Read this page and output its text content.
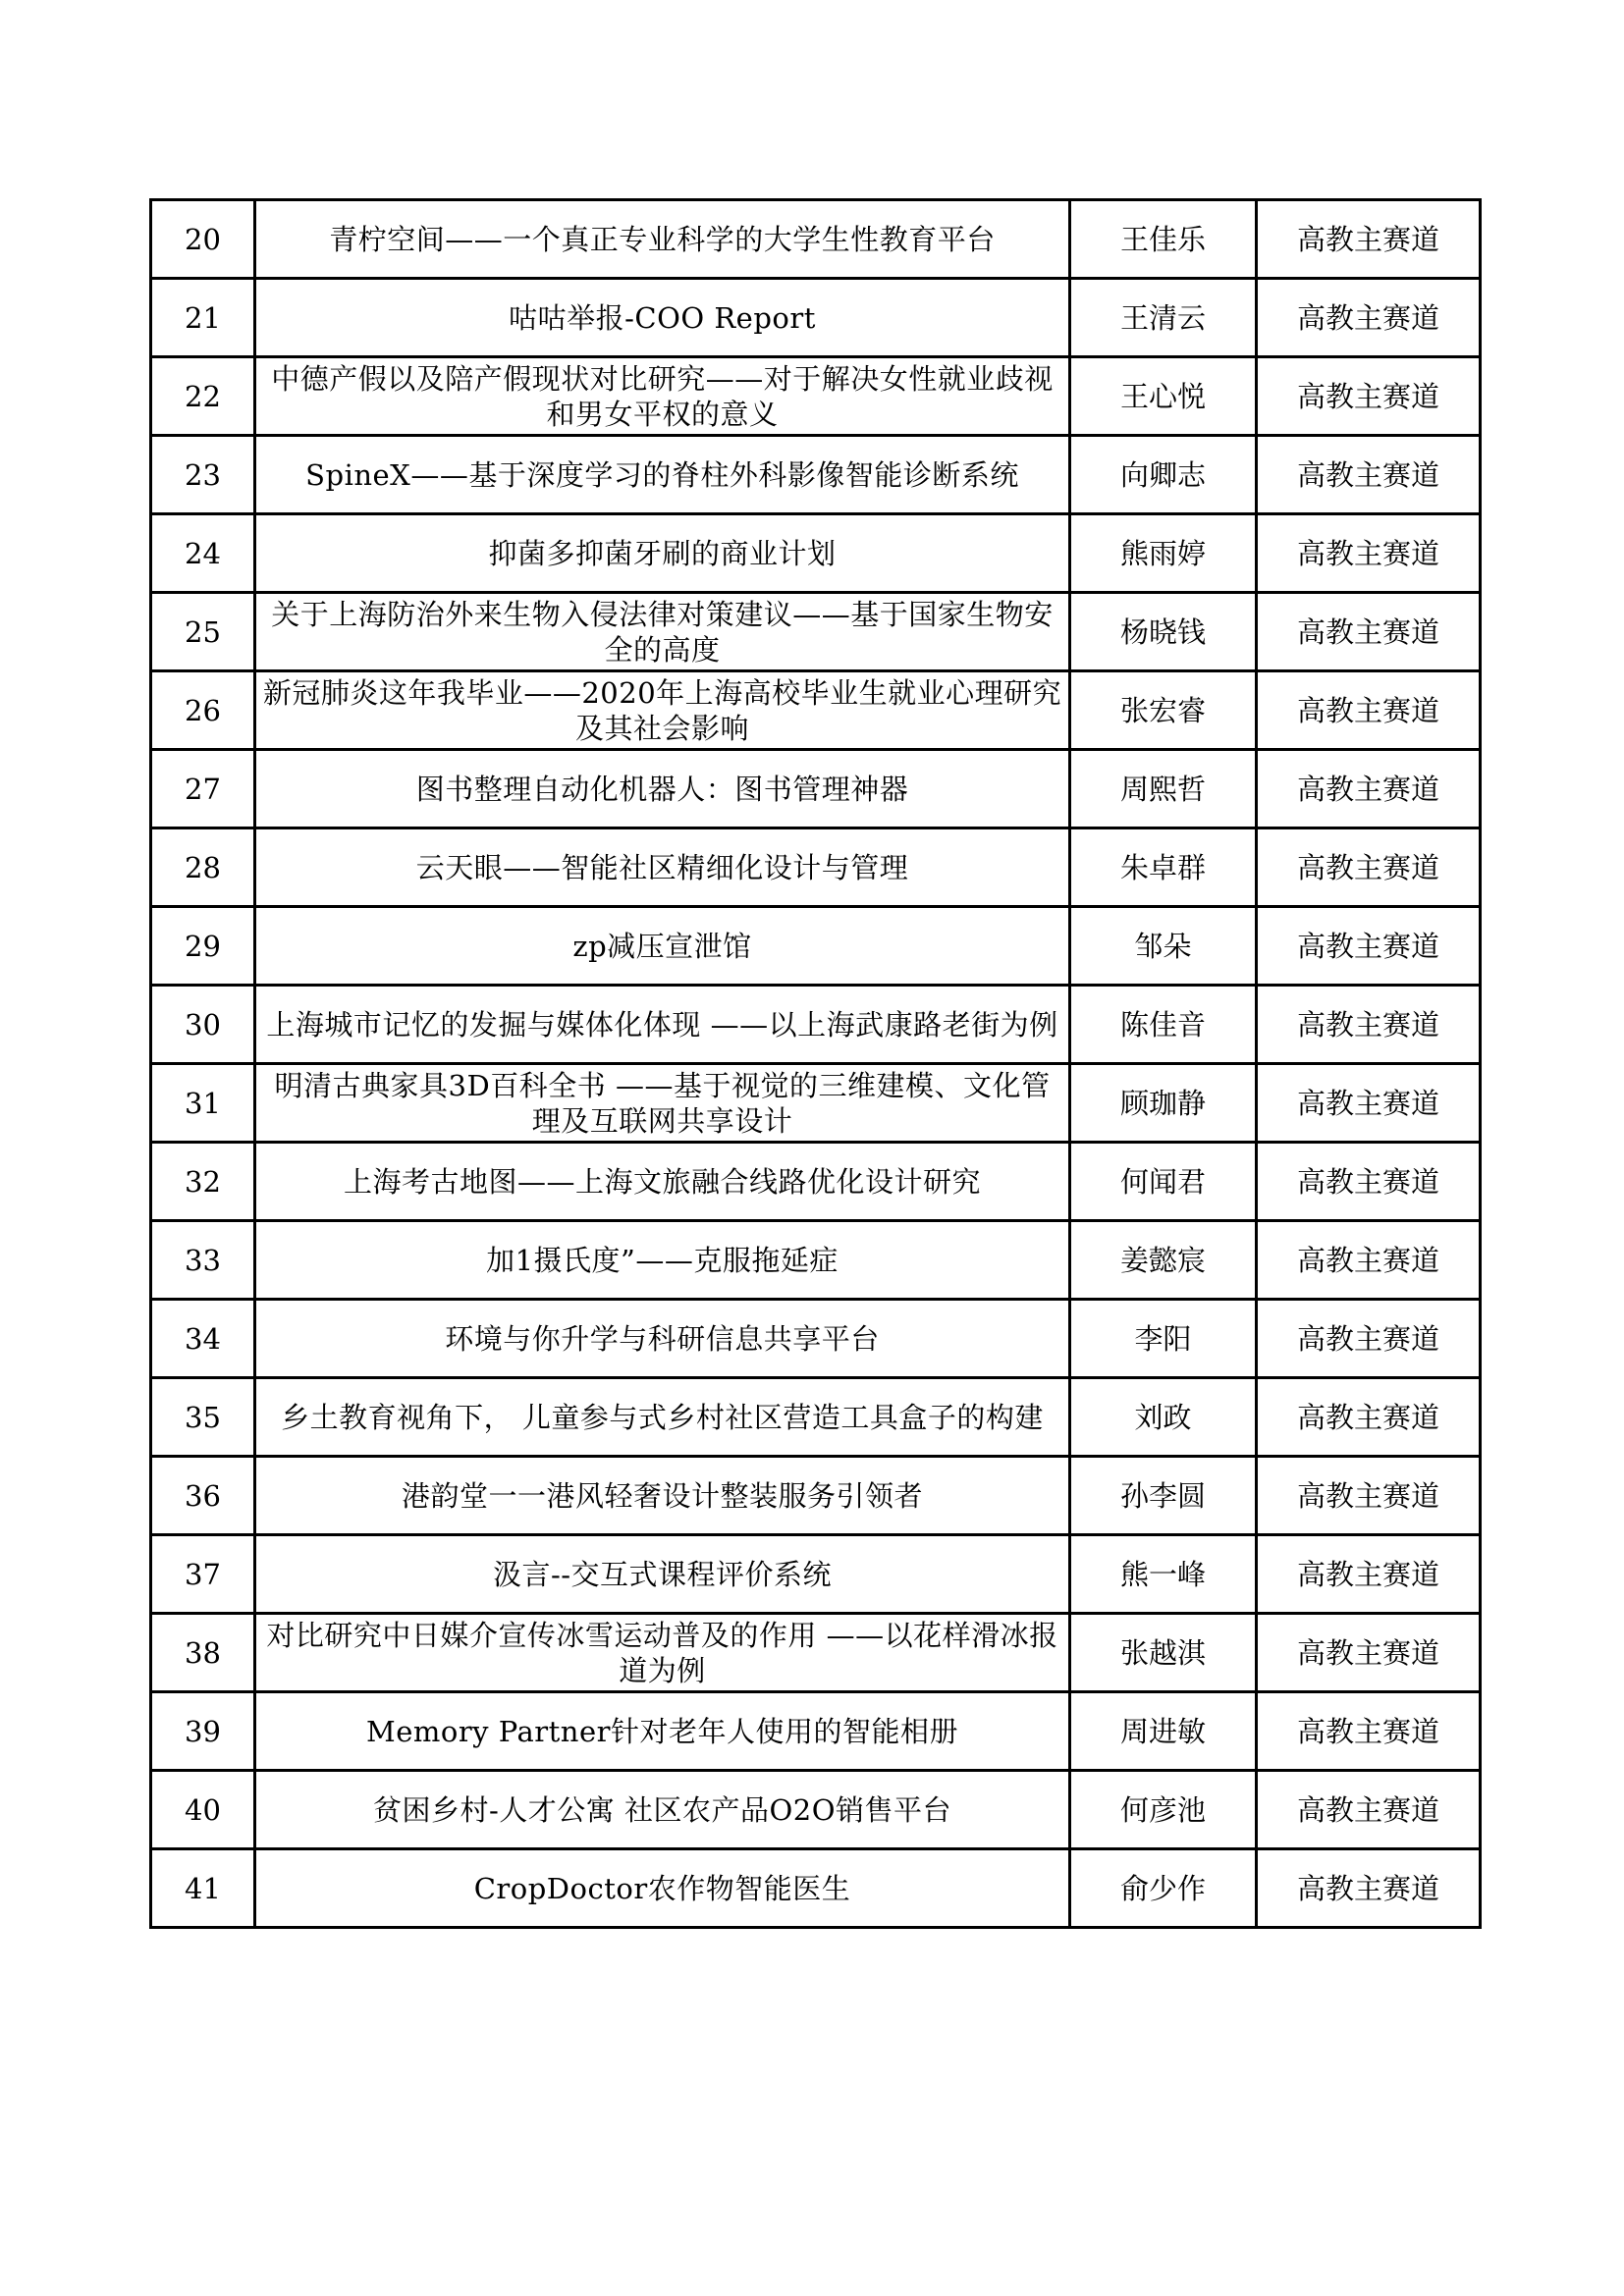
20	青柠空间——一个真正专业科学的大学生性教育平台	王佳乐	高教主赛道
21	咕咕举报-COO Report	王清云	高教主赛道
22	中德产假以及陪产假现状对比研究——对于解决女性就业歧视和男女平权的意义	王心悦	高教主赛道
23	SpineX——基于深度学习的脊柱外科影像智能诊断系统	向卿志	高教主赛道
24	抑菌多抑菌牙刷的商业计划	熊雨婷	高教主赛道
25	关于上海防治外来生物入侵法律对策建议——基于国家生物安全的高度	杨晓钱	高教主赛道
26	新冠肺炎这年我毕业——2020年上海高校毕业生就业心理研究及其社会影响	张宏睿	高教主赛道
27	图书整理自动化机器人：图书管理神器	周熙哲	高教主赛道
28	云天眼——智能社区精细化设计与管理	朱卓群	高教主赛道
29	zp减压宣泄馆	邹朵	高教主赛道
30	上海城市记忆的发掘与媒体化体现 ——以上海武康路老街为例	陈佳音	高教主赛道
31	明清古典家具3D百科全书 ——基于视觉的三维建模、文化管理及互联网共享设计	顾珈静	高教主赛道
32	上海考古地图——上海文旅融合线路优化设计研究	何闻君	高教主赛道
33	加1摄氏度”——克服拖延症	姜懿宸	高教主赛道
34	环境与你升学与科研信息共享平台	李阳	高教主赛道
35	乡土教育视角下， 儿童参与式乡村社区营造工具盒子的构建	刘政	高教主赛道
36	港韵堂一一港风轻奢设计整装服务引领者	孙李圆	高教主赛道
37	汲言--交互式课程评价系统	熊一峰	高教主赛道
38	对比研究中日媒介宣传冰雪运动普及的作用 ——以花样滑冰报道为例	张越淇	高教主赛道
39	Memory Partner针对老年人使用的智能相册	周进敏	高教主赛道
40	贫困乡村-人才公寓 社区农产品O2O销售平台	何彦池	高教主赛道
41	CropDoctor农作物智能医生	俞少作	高教主赛道
